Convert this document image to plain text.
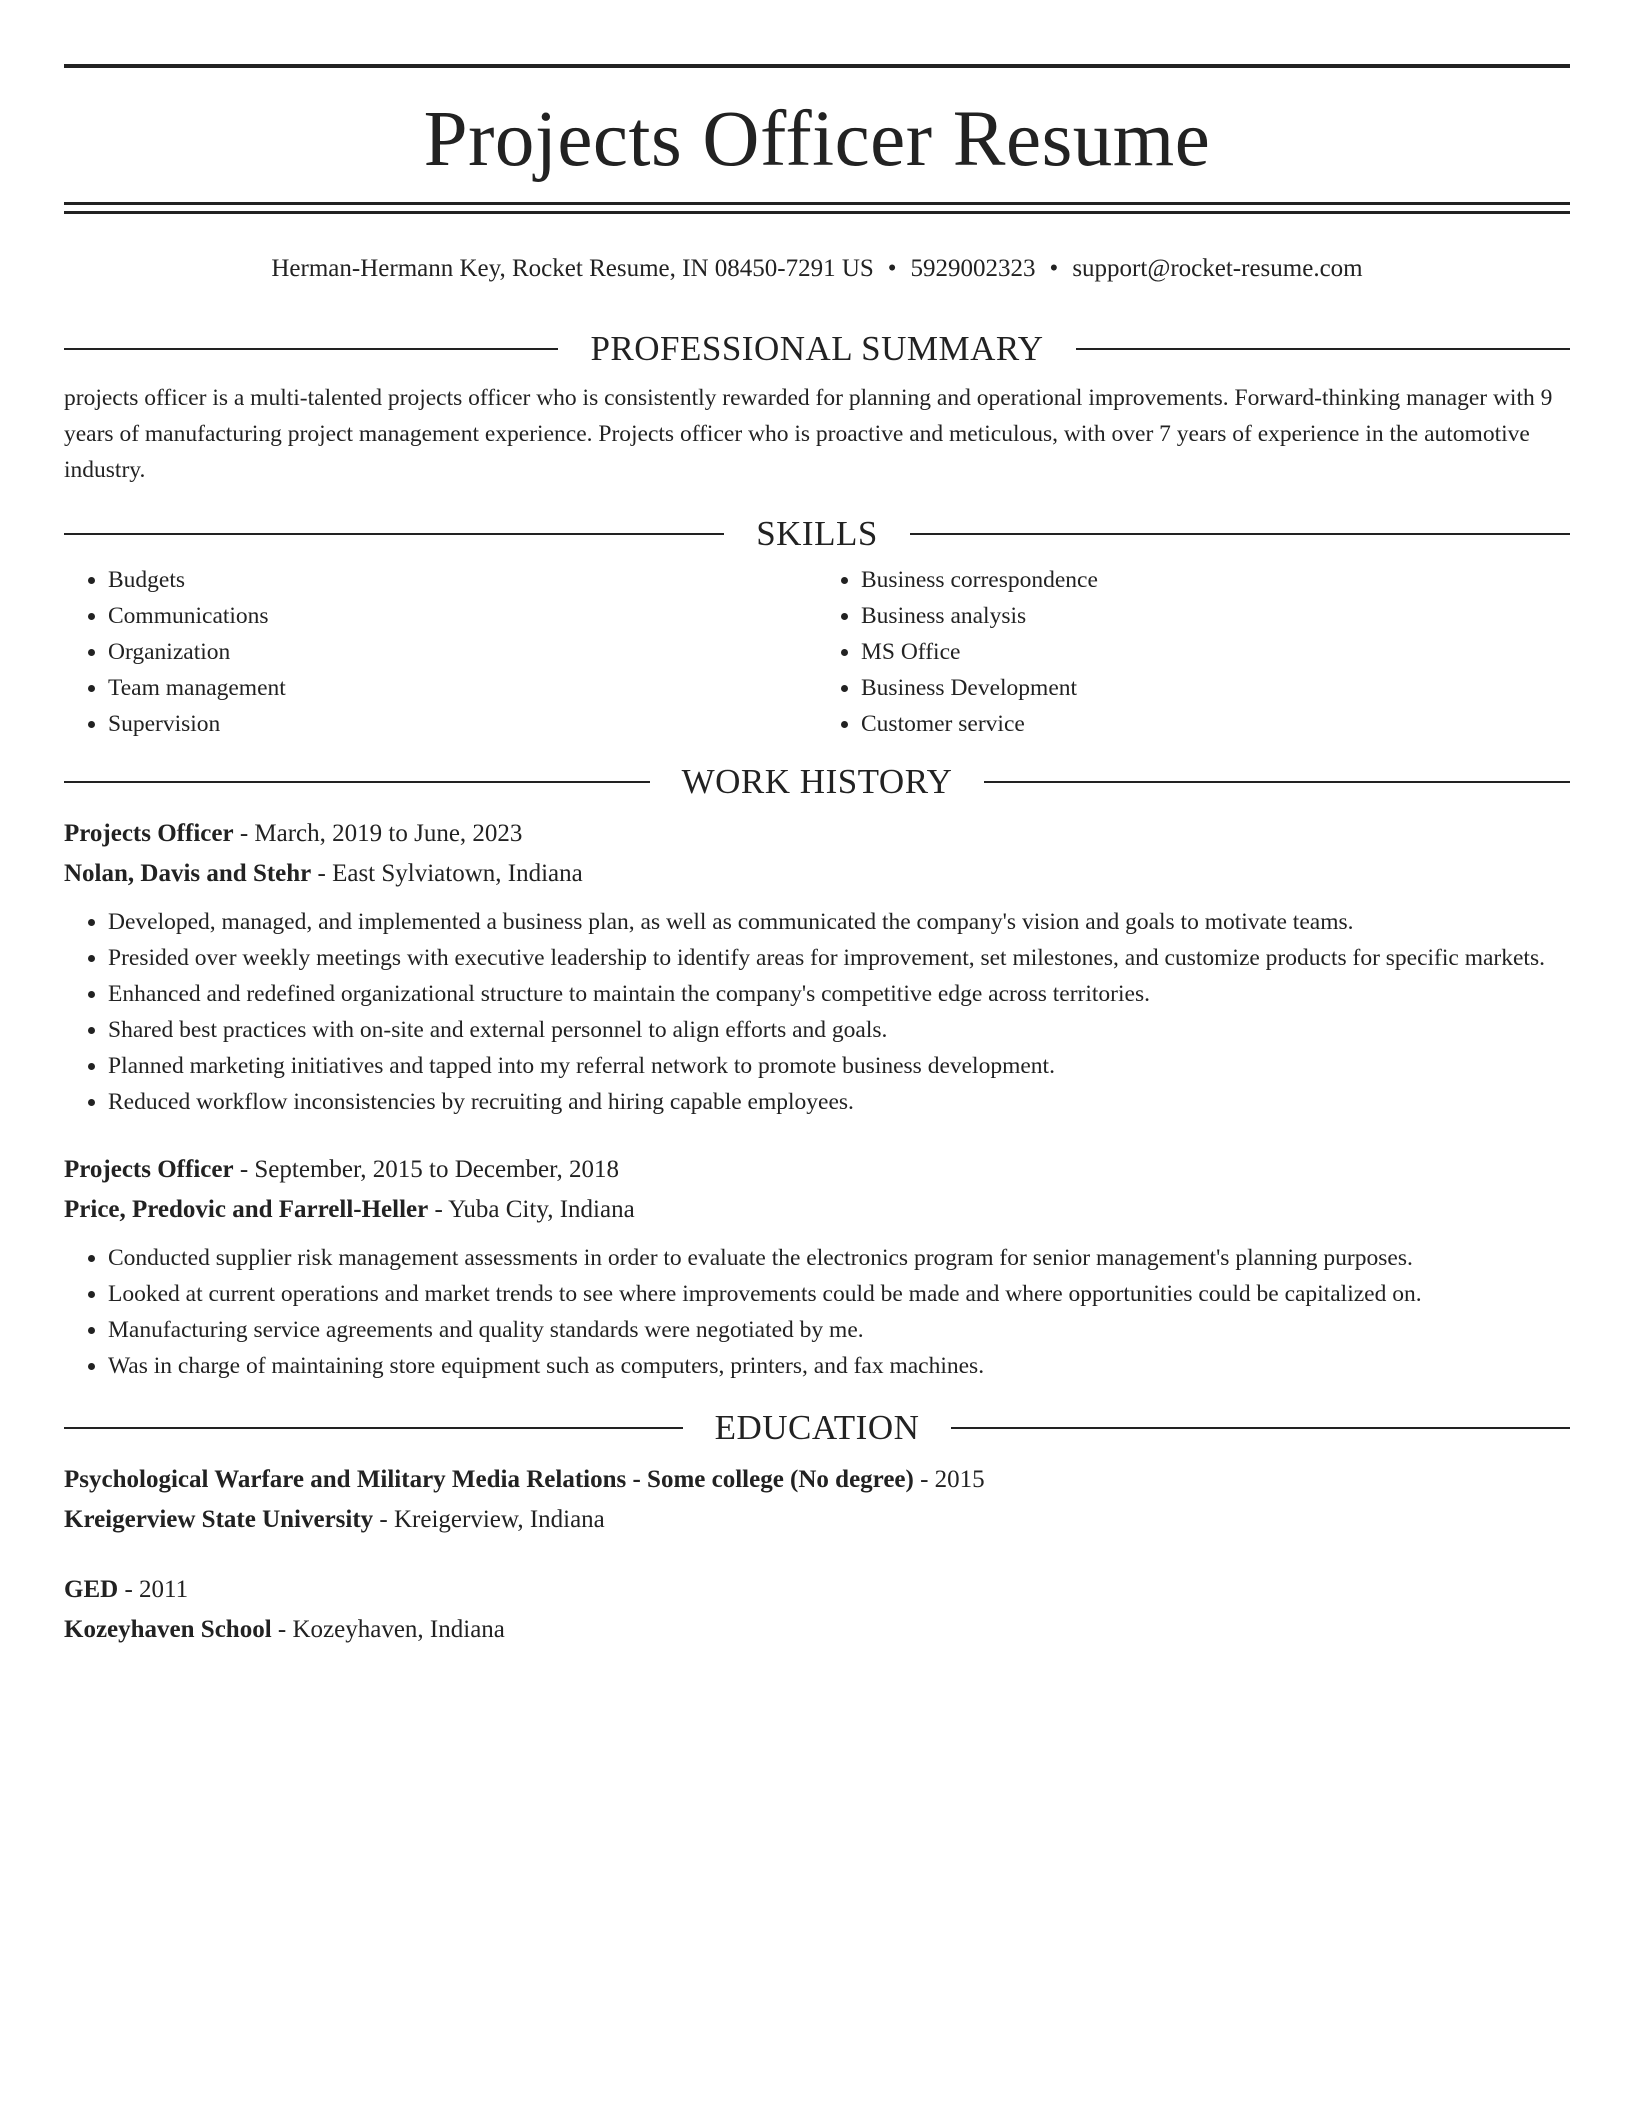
Projects Officer Resume
Herman-Hermann Key, Rocket Resume, IN 08450-7291 US • 5929002323 • support@rocket-resume.com
PROFESSIONAL SUMMARY

projects officer is a multi-talented projects officer who is consistently rewarded for planning and operational improvements. Forward-thinking manager with 9 years of manufacturing project management experience. Projects officer who is proactive and meticulous, with over 7 years of experience in the automotive industry.

SKILLS
• Budgets
• Communications
• Organization
• Team management
• Supervision
• Business correspondence
• Business analysis
• MS Office
• Business Development
• Customer service
WORK HISTORY
Projects Officer - March, 2019 to June, 2023
Nolan, Davis and Stehr - East Sylviatown, Indiana
• Developed, managed, and implemented a business plan, as well as communicated the company's vision and goals to motivate teams.
• Presided over weekly meetings with executive leadership to identify areas for improvement, set milestones, and customize products for specific markets.
• Enhanced and redefined organizational structure to maintain the company's competitive edge across territories.
• Shared best practices with on-site and external personnel to align efforts and goals.
• Planned marketing initiatives and tapped into my referral network to promote business development.
• Reduced workflow inconsistencies by recruiting and hiring capable employees.
Projects Officer - September, 2015 to December, 2018
Price, Predovic and Farrell-Heller - Yuba City, Indiana
• Conducted supplier risk management assessments in order to evaluate the electronics program for senior management's planning purposes.
• Looked at current operations and market trends to see where improvements could be made and where opportunities could be capitalized on.
• Manufacturing service agreements and quality standards were negotiated by me.
• Was in charge of maintaining store equipment such as computers, printers, and fax machines.
EDUCATION
Psychological Warfare and Military Media Relations - Some college (No degree) - 2015
Kreigerview State University - Kreigerview, Indiana
GED - 2011
Kozeyhaven School - Kozeyhaven, Indiana
